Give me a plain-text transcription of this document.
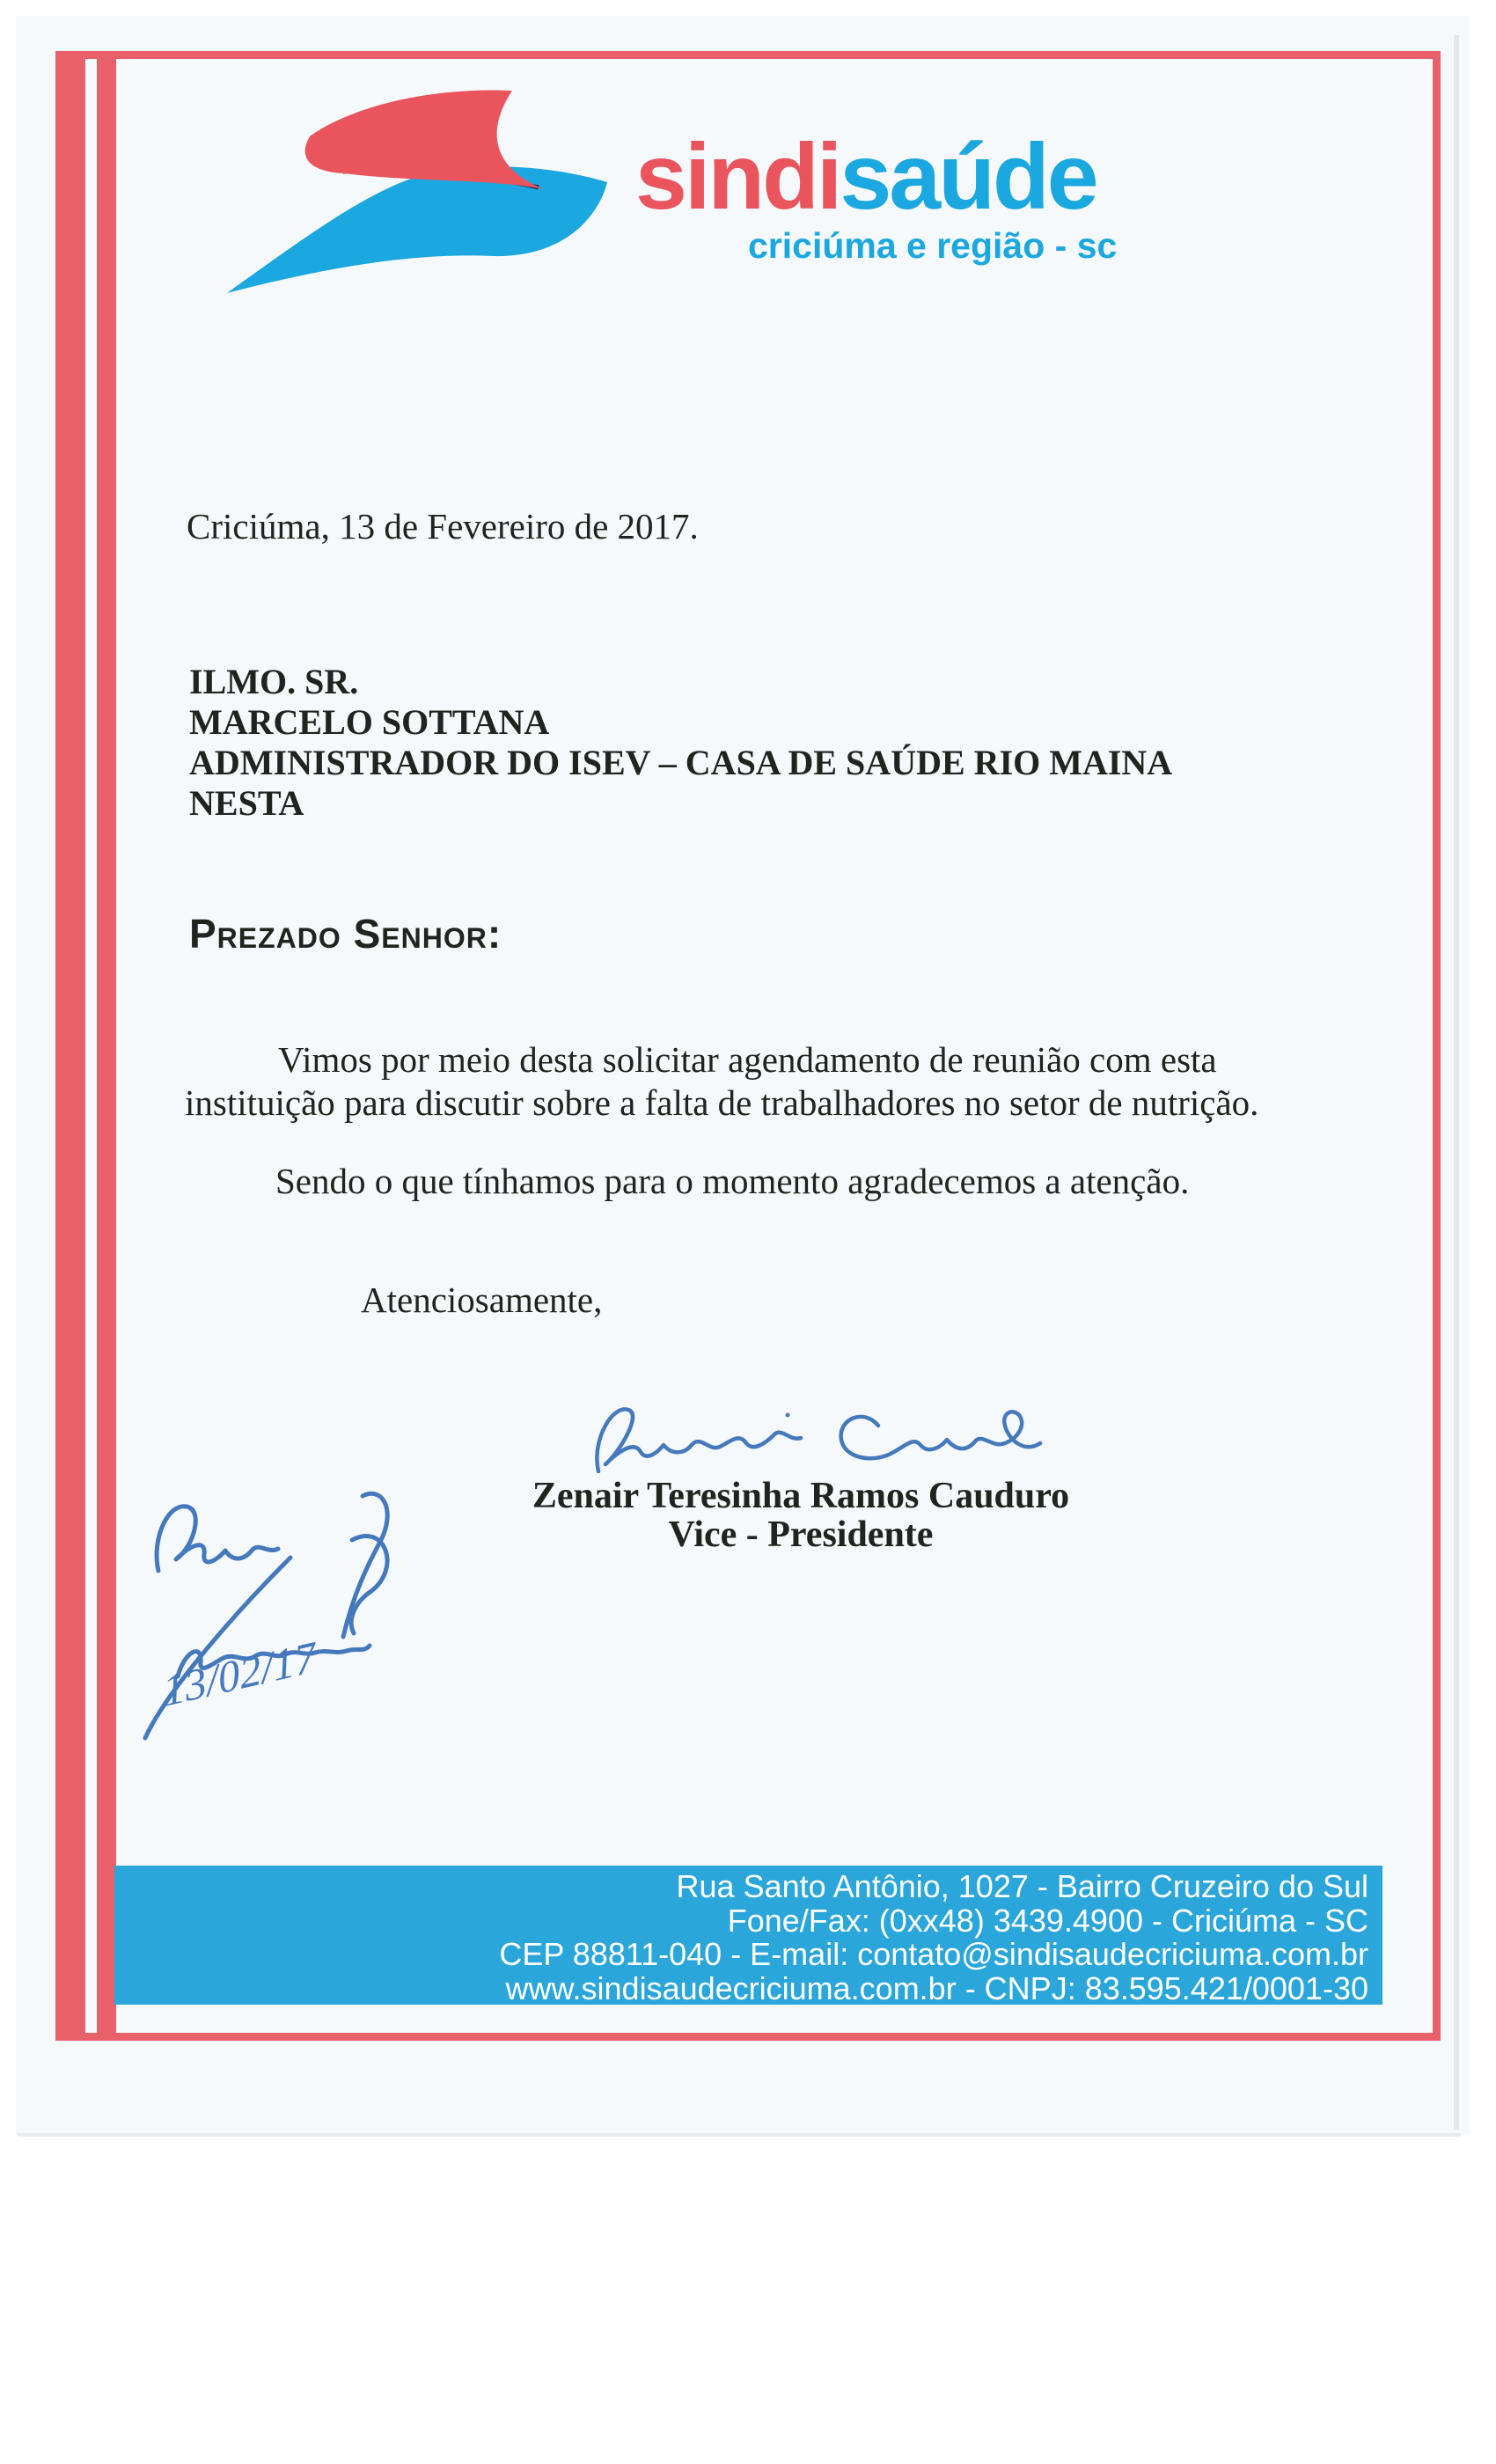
sindisaúde
criciúma e região - sc
Criciúma, 13 de Fevereiro de 2017.
ILMO. SR.
MARCELO SOTTANA
ADMINISTRADOR DO ISEV – CASA DE SAÚDE RIO MAINA
NESTA
Prezado Senhor:
Vimos por meio desta solicitar agendamento de reunião com esta instituição para discutir sobre a falta de trabalhadores no setor de nutrição.
Sendo o que tínhamos para o momento agradecemos a atenção.
Atenciosamente,
Zenair Teresinha Ramos Cauduro
Vice - Presidente
13/02/17
Rua Santo Antônio, 1027 - Bairro Cruzeiro do Sul
Fone/Fax: (0xx48) 3439.4900 - Criciúma - SC
CEP 88811-040 - E-mail: contato@sindisaudecriciuma.com.br
www.sindisaudecriciuma.com.br - CNPJ: 83.595.421/0001-30
